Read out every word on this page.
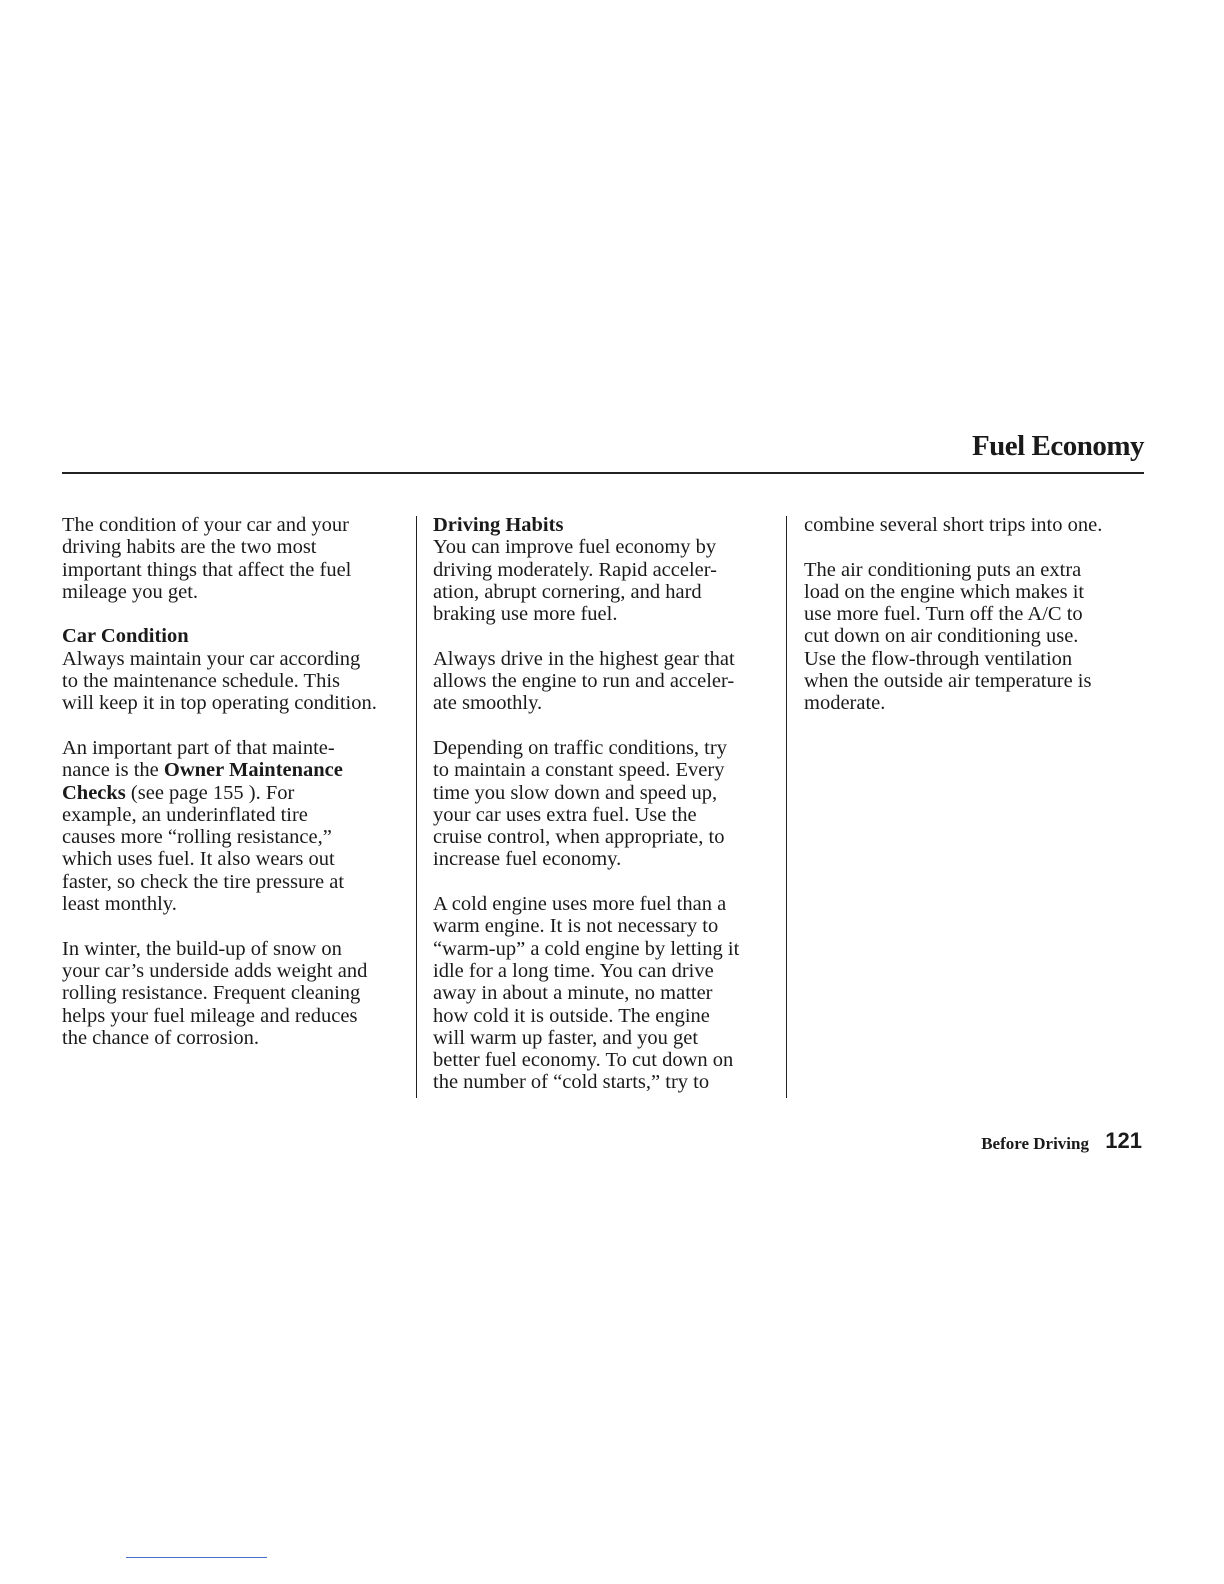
Fuel Economy

The condition of your car and your
driving habits are the two most
important things that affect the fuel
mileage you get.

Car Condition

Always maintain your car according
to the maintenance schedule. This
will keep it in top operating condition.

An important part of that mainte-
nance is the Owner Maintenance
Checks (see page 155 ). For
example, an underinflated tire
causes more “rolling resistance,”
which uses fuel. It also wears out
faster, so check the tire pressure at
least monthly.

In winter, the build-up of snow on
your car’s underside adds weight and
rolling resistance. Frequent cleaning
helps your fuel mileage and reduces
the chance of corrosion.

Driving Habits

You can improve fuel economy by
driving moderately. Rapid acceler-
ation, abrupt cornering, and hard
braking use more fuel.

Always drive in the highest gear that
allows the engine to run and acceler-
ate smoothly.

Depending on traffic conditions, try
to maintain a constant speed. Every
time you slow down and speed up,
your car uses extra fuel. Use the
cruise control, when appropriate, to
increase fuel economy.

A cold engine uses more fuel than a
warm engine. It is not necessary to
“warm-up” a cold engine by letting it
idle for a long time. You can drive
away in about a minute, no matter
how cold it is outside. The engine
will warm up faster, and you get
better fuel economy. To cut down on
the number of “cold starts,” try to

combine several short trips into one.

The air conditioning puts an extra
load on the engine which makes it
use more fuel. Turn off the A/C to
cut down on air conditioning use.
Use the flow-through ventilation
when the outside air temperature is
moderate.

Before Driving 121
